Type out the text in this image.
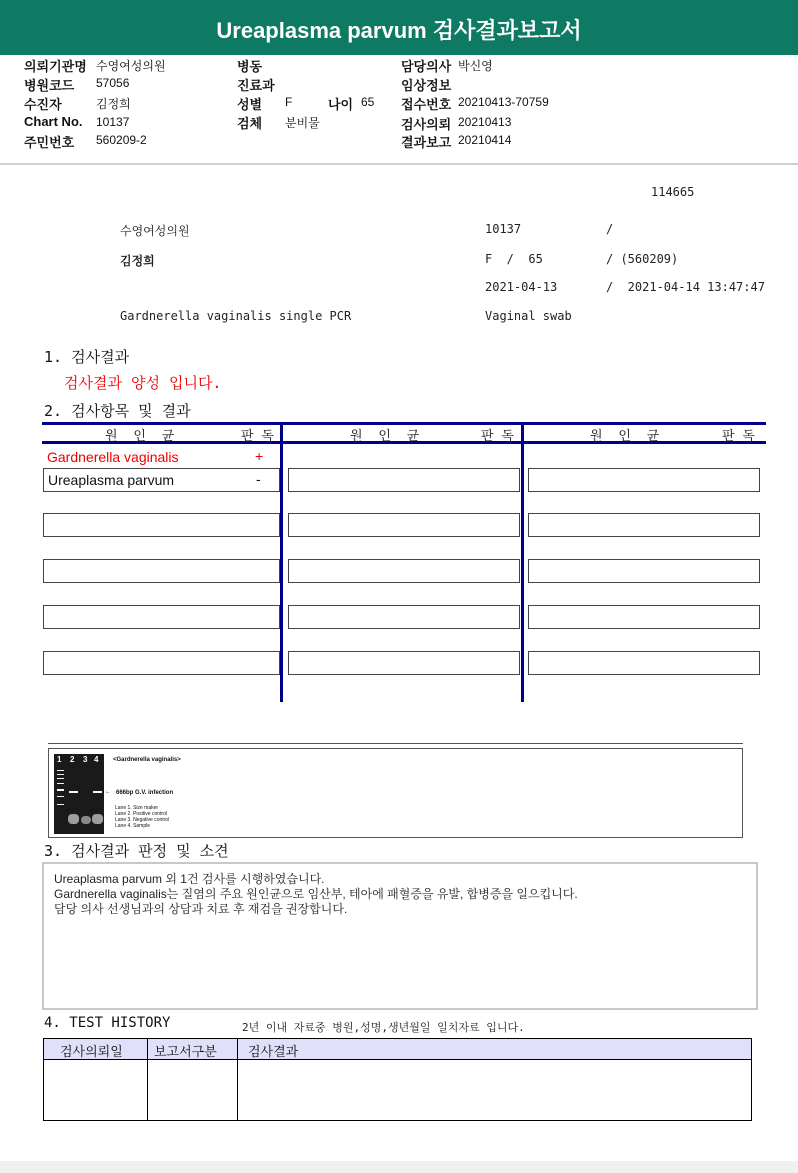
Ureaplasma parvum 검사결과보고서
의뢰기관명 수영여성의원	병동	담당의사 박신영
병원코드 57056	진료과	임상정보
수진자	김정희	성별 F	나이 65 접수번호 20210413-70759
Chart No. 10137	검체 분비물	검사의뢰 20210413
주민번호 560209-2	결과보고 20210414
114665
수영여성의원	10137	/
김정희	F  /  65	/ (560209)
2021-04-13	/  2021-04-14 13:47:47
Gardnerella vaginalis single PCR	Vaginal swab
1. 검사결과
검사결과 양성 입니다.
2. 검사항목 및 결과
원 인 균	판 독	원 인 균	판 독	원 인 균	판 독
Gardnerella vaginalis	+
Ureaplasma parvum	-
1 2 3 4 <Gardnerella vaginalis>
← 666bp G.V. infection
Lane 1. Size maker
Lane 2. Positive control
Lane 3. Negative control
Lane 4. Sample
3. 검사결과 판정 및 소견
Ureaplasma parvum 외 1건 검사를 시행하였습니다.
Gardnerella vaginalis는 질염의 주요 원인균으로 임산부, 테아에 패혈증을 유발, 합병증을 일으킵니다.
담당 의사 선생님과의 상담과 치료 후 재검을 권장합니다.
4. TEST HISTORY	2년 이내 자료중 병원,성명,생년월일 일치자료 입니다.
검사의뢰일 보고서구분 검사결과
